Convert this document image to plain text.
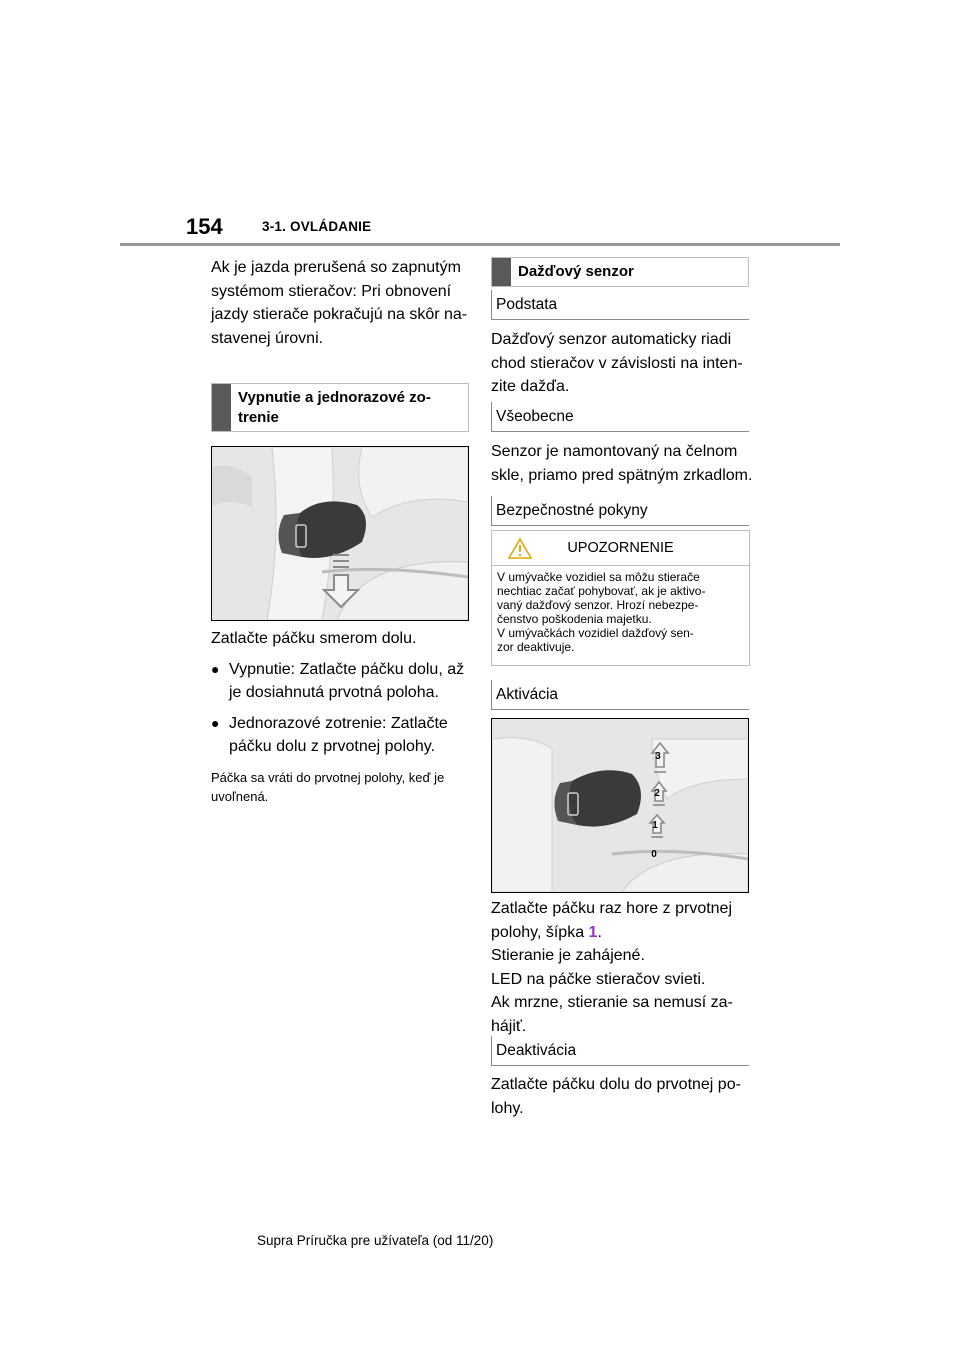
154	3-1. OVLÁDANIE

Ak je jazda prerušená so zapnutým
systémom stieračov: Pri obnovení
jazdy stierače pokračujú na skôr na-
stavenej úrovni.

Vypnutie a jednorazové zo-
trenie

Zatlačte páčku smerom dolu.

● Vypnutie: Zatlačte páčku dolu, až
je dosiahnutá prvotná poloha.
● Jednorazové zotrenie: Zatlačte
páčku dolu z prvotnej polohy.

Páčka sa vráti do prvotnej polohy, keď je
uvoľnená.

Dažďový senzor
Podstata

Dažďový senzor automaticky riadi
chod stieračov v závislosti na inten-
zite dažďa.

Všeobecne

Senzor je namontovaný na čelnom
skle, priamo pred spätným zrkadlom.

Bezpečnostné pokyny
UPOZORNENIE
V umývačke vozidiel sa môžu stierače
nechtiac začať pohybovať, ak je aktivo-
vaný dažďový senzor. Hrozí nebezpe-
čenstvo poškodenia majetku.
V umývačkách vozidiel dažďový sen-
zor deaktivuje.
Aktivácia
3
2
1
0
Zatlačte páčku raz hore z prvotnej
polohy, šípka 1.
Stieranie je zahájené.
LED na páčke stieračov svieti.
Ak mrzne, stieranie sa nemusí za-
hájiť.
Deaktivácia

Zatlačte páčku dolu do prvotnej po-
lohy.

Supra Príručka pre užívateľa (od 11/20)
